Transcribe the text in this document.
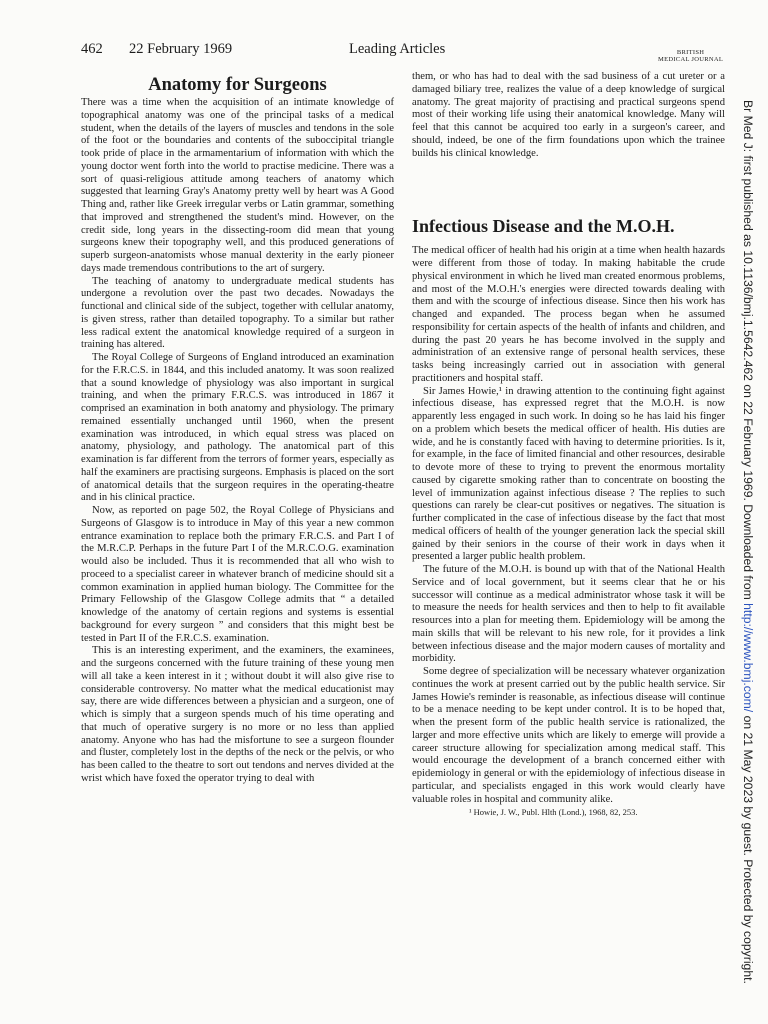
462 22 February 1969	Leading Articles	BRITISH
MEDICAL JOURNAL
Anatomy for Surgeons

There was a time when the acquisition of an intimate knowledge of topographical anatomy was one of the principal tasks of a medical student, when the details of the layers of muscles and tendons in the sole of the foot or the boundaries and contents of the suboccipital triangle took pride of place in the armamentarium of information with which the young doctor went forth into the world to practise medicine. There was a sort of quasi-religious attitude among teachers of anatomy which suggested that learning Gray's Anatomy pretty well by heart was A Good Thing and, rather like Greek irregular verbs or Latin grammar, something that improved and strengthened the student's mind. However, on the credit side, long years in the dissecting-room did mean that young surgeons knew their topography well, and this produced generations of superb surgeon-anatomists whose manual dexterity in the early pioneer days made tremendous contributions to the art of surgery.

The teaching of anatomy to undergraduate medical students has undergone a revolution over the past two decades. Nowadays the functional and clinical side of the subject, together with cellular anatomy, is given stress, rather than detailed topography. To a similar but rather less radical extent the anatomical knowledge required of a surgeon in training has altered.

The Royal College of Surgeons of England introduced an examination for the F.R.C.S. in 1844, and this included anatomy. It was soon realized that a sound knowledge of physiology was also important in surgical training, and when the primary F.R.C.S. was introduced in 1867 it comprised an examination in both anatomy and physiology. The primary remained essentially unchanged until 1960, when the present examination was introduced, in which equal stress was placed on anatomy, physiology, and pathology. The anatomical part of this examination is far different from the terrors of former years, especially as half the examiners are practising surgeons. Emphasis is placed on the sort of anatomical details that the surgeon requires in the operating-theatre and in his clinical practice.

Now, as reported on page 502, the Royal College of Physicians and Surgeons of Glasgow is to introduce in May of this year a new common entrance examination to replace both the primary F.R.C.S. and Part I of the M.R.C.P. Perhaps in the future Part I of the M.R.C.O.G. examination would also be included. Thus it is recommended that all who wish to proceed to a specialist career in whatever branch of medicine should sit a common examination in applied human biology. The Committee for the Primary Fellowship of the Glasgow College admits that “ a detailed knowledge of the anatomy of certain regions and systems is essential background for every surgeon ” and considers that this might best be tested in Part II of the F.R.C.S. examination.

This is an interesting experiment, and the examiners, the examinees, and the surgeons concerned with the future training of these young men will all take a keen interest in it ; without doubt it will also give rise to considerable controversy. No matter what the medical educationist may say, there are wide differences between a physician and a surgeon, one of which is simply that a surgeon spends much of his time operating and that much of operative surgery is no more or no less than applied anatomy. Anyone who has had the misfortune to see a surgeon flounder and fluster, completely lost in the depths of the neck or the pelvis, or who has been called to the theatre to sort out tendons and nerves divided at the wrist which have foxed the operator trying to deal with

them, or who has had to deal with the sad business of a cut ureter or a damaged biliary tree, realizes the value of a deep knowledge of surgical anatomy. The great majority of practising and practical surgeons spend most of their working life using their anatomical knowledge. Many will feel that this cannot be acquired too early in a surgeon's career, and should, indeed, be one of the firm foundations upon which the trainee builds his clinical knowledge.

Infectious Disease and the M.O.H.

The medical officer of health had his origin at a time when health hazards were different from those of today. In making habitable the crude physical environment in which he lived man created enormous problems, and most of the M.O.H.'s energies were directed towards dealing with them and with the scourge of infectious disease. Since then his work has changed and expanded. The process began when he assumed responsibility for certain aspects of the health of infants and children, and during the past 20 years he has become involved in the supply and administration of an extensive range of personal health services, these tasks being increasingly carried out in association with general practitioners and hospital staff.

Sir James Howie,¹ in drawing attention to the continuing fight against infectious disease, has expressed regret that the M.O.H. is now apparently less engaged in such work. In doing so he has laid his finger on a problem which besets the medical officer of health. His duties are wide, and he is constantly faced with having to determine priorities. Is it, for example, in the face of limited financial and other resources, desirable to devote more of these to trying to prevent the enormous mortality caused by cigarette smoking rather than to concentrate on boosting the level of immunization against infectious disease ? The replies to such questions can rarely be clear-cut positives or negatives. The situation is further complicated in the case of infectious disease by the fact that most medical officers of health of the younger generation lack the special skill gained by their seniors in the course of their work in days when it presented a larger public health problem.

The future of the M.O.H. is bound up with that of the National Health Service and of local government, but it seems clear that he or his successor will continue as a medical administrator whose task it will be to measure the needs for health services and then to help to fit available resources into a plan for meeting them. Epidemiology will be among the main skills that will be relevant to his new role, for it provides a link between infectious disease and the major modern causes of mortality and morbidity.

Some degree of specialization will be necessary whatever organization continues the work at present carried out by the public health service. Sir James Howie's reminder is reasonable, as infectious disease will continue to be a menace needing to be kept under control. It is to be hoped that, when the present form of the public health service is rationalized, the larger and more effective units which are likely to emerge will provide a career structure allowing for specialization among medical staff. This would encourage the development of a branch concerned either with epidemiology in general or with the epidemiology of infectious disease in particular, and specialists engaged in this work would clearly have valuable roles in hospital and community alike.

¹ Howie, J. W., Publ. Hlth (Lond.), 1968, 82, 253.

Br Med J: first published as 10.1136/bmj.1.5642.462 on 22 February 1969. Downloaded from http://www.bmj.com/ on 21 May 2023 by guest. Protected by copyright.
